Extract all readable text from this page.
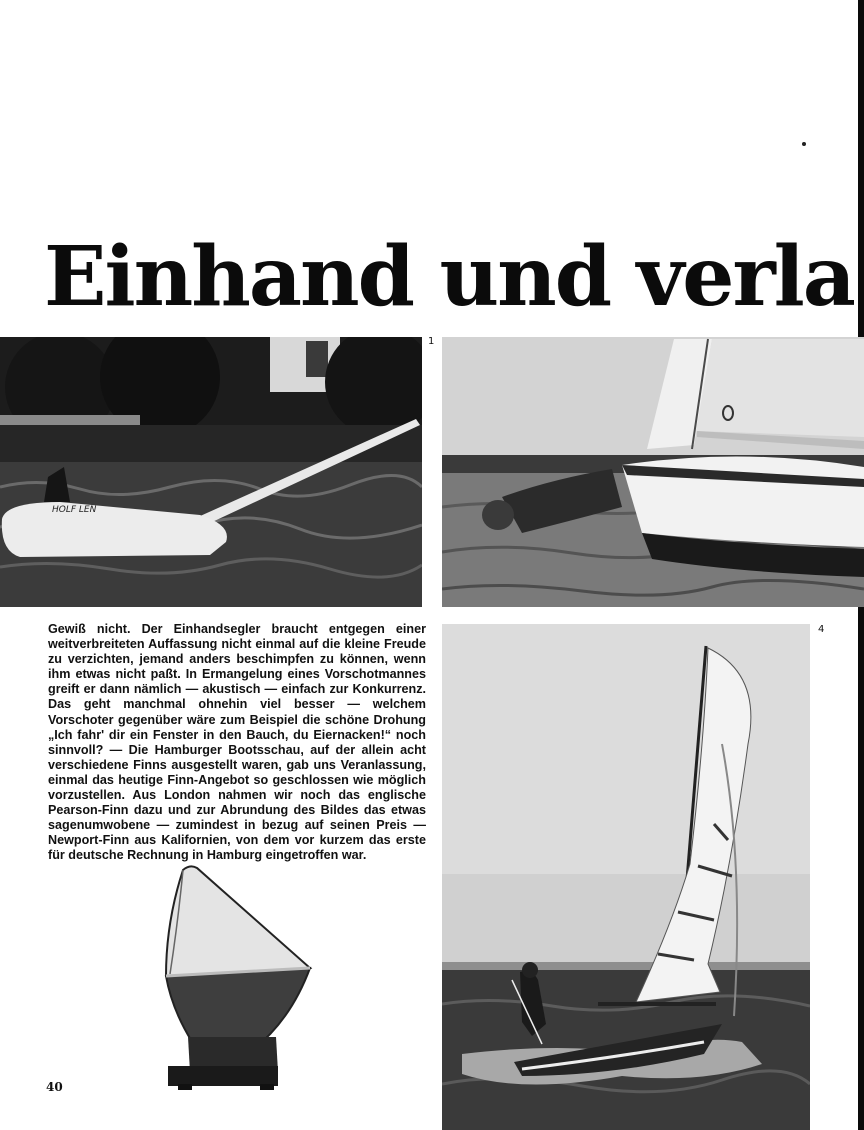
Einhand und verla
HOLF LEN
1

Gewiß nicht. Der Einhandsegler braucht entgegen einer weitverbreiteten Auffassung nicht einmal auf die kleine Freude zu verzichten, jemand anders beschimpfen zu können, wenn ihm etwas nicht paßt. In Ermangelung eines Vorschotmannes greift er dann nämlich — akustisch — einfach zur Konkurrenz. Das geht manchmal ohnehin viel besser — welchem Vorschoter gegenüber wäre zum Beispiel die schöne Drohung „Ich fahr' dir ein Fenster in den Bauch, du Eiernacken!“ noch sinnvoll? — Die Hamburger Bootsschau, auf der allein acht verschiedene Finns ausgestellt waren, gab uns Veranlassung, einmal das heutige Finn-Angebot so geschlossen wie möglich vorzustellen. Aus London nahmen wir noch das englische Pearson-Finn dazu und zur Abrundung des Bildes das etwas sagenumwobene — zumindest in bezug auf seinen Preis — Newport-Finn aus Kalifornien, von dem vor kurzem das erste für deutsche Rechnung in Hamburg eingetroffen war.

40
4
